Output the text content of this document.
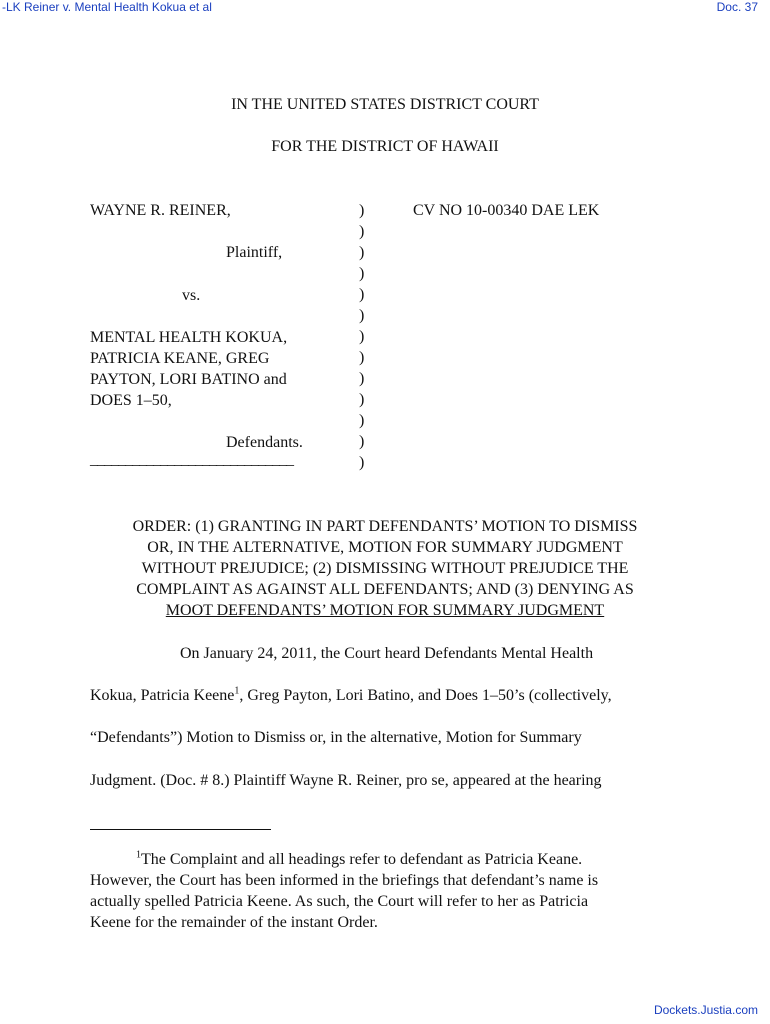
-LK Reiner v. Mental Health Kokua et al	Doc. 37
IN THE UNITED STATES DISTRICT COURT
FOR THE DISTRICT OF HAWAII
WAYNE R. REINER,
Plaintiff,
vs.
MENTAL HEALTH KOKUA,
PATRICIA KEANE, GREG
PAYTON, LORI BATINO and
DOES 1–50,
Defendants.
_____________________________
)
)
)
)
)
)
)
)
)
)
)
)
)
CV NO 10-00340 DAE LEK
ORDER: (1) GRANTING IN PART DEFENDANTS’ MOTION TO DISMISS
OR, IN THE ALTERNATIVE, MOTION FOR SUMMARY JUDGMENT
WITHOUT PREJUDICE; (2) DISMISSING WITHOUT PREJUDICE THE
COMPLAINT AS AGAINST ALL DEFENDANTS; AND (3) DENYING AS
MOOT DEFENDANTS’ MOTION FOR SUMMARY JUDGMENT
On January 24, 2011, the Court heard Defendants Mental Health
Kokua, Patricia Keene$^1$, Greg Payton, Lori Batino, and Does 1–50’s (collectively,
“Defendants”) Motion to Dismiss or, in the alternative, Motion for Summary
Judgment. (Doc. # 8.) Plaintiff Wayne R. Reiner, pro se, appeared at the hearing
$^1$The Complaint and all headings refer to defendant as Patricia Keane.
However, the Court has been informed in the briefings that defendant’s name is
actually spelled Patricia Keene. As such, the Court will refer to her as Patricia
Keene for the remainder of the instant Order.
Dockets.Justia.com
